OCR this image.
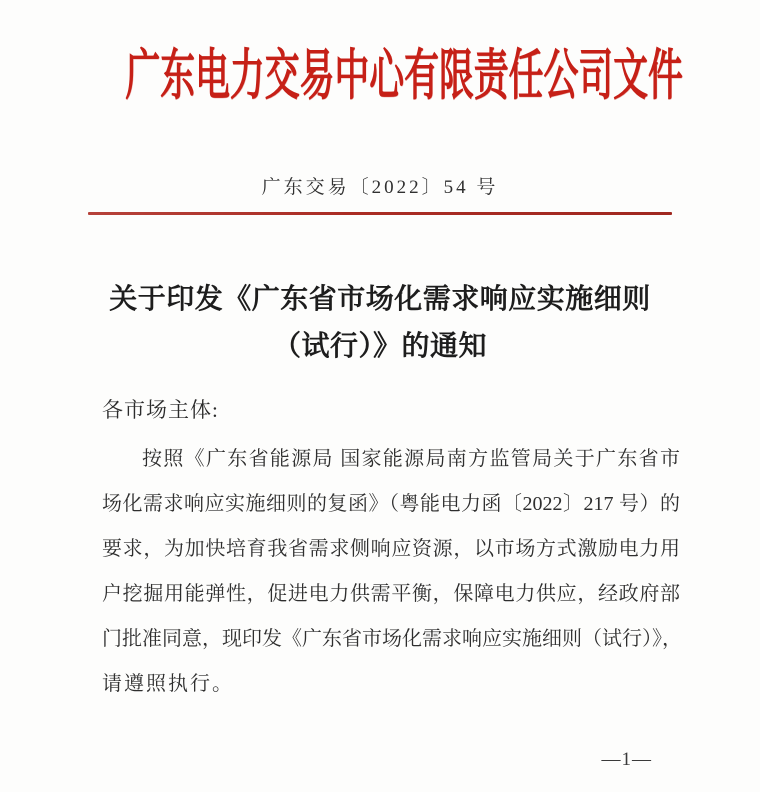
广东电力交易中心有限责任公司文件
广东交易〔2022〕54 号
关于印发《广东省市场化需求响应实施细则
（试行）》的通知
各市场主体:
按照《广东省能源局 国家能源局南方监管局关于广东省市
场化需求响应实施细则的复函》（粤能电力函〔2022〕217 号）的
要求，为加快培育我省需求侧响应资源，以市场方式激励电力用
户挖掘用能弹性，促进电力供需平衡，保障电力供应，经政府部
门批准同意，现印发《广东省市场化需求响应实施细则（试行）》，
请遵照执行。
—1—
